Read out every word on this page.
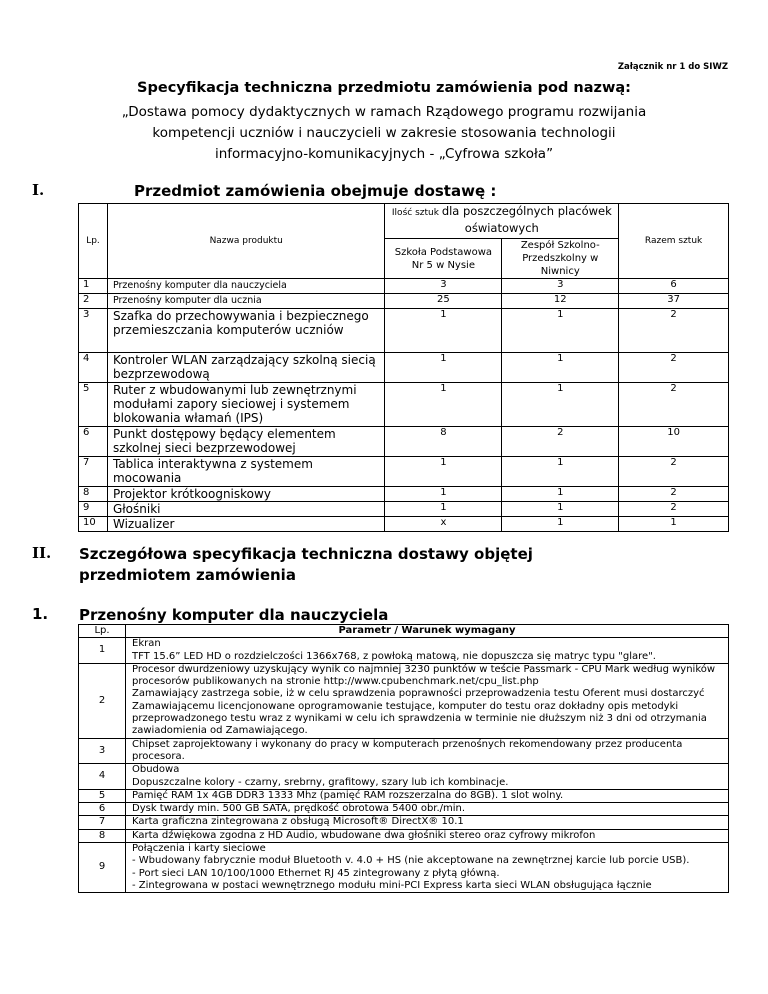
Załącznik nr 1 do SIWZ
Specyfikacja techniczna przedmiotu zamówienia pod nazwą:
„Dostawa pomocy dydaktycznych w ramach Rządowego programu rozwijania kompetencji uczniów i nauczycieli w zakresie stosowania technologii informacyjno-komunikacyjnych - „Cyfrowa szkoła”
I.	Przedmiot zamówienia obejmuje dostawę :
Lp.	Nazwa produktu	Ilość sztuk dla poszczególnych placówek oświatowych		Razem sztuk
		Szkoła Podstawowa Nr 5 w Nysie	Zespół Szkolno-Przedszkolny w Niwnicy	
1	Przenośny komputer dla nauczyciela	3	3	6
2	Przenośny komputer dla ucznia	25	12	37
3	Szafka do przechowywania i bezpiecznego przemieszczania komputerów uczniów	1	1	2
4	Kontroler WLAN zarządzający szkolną siecią bezprzewodową	1	1	2
5	Ruter z wbudowanymi lub zewnętrznymi modułami zapory sieciowej i systemem blokowania włamań (IPS)	1	1	2
6	Punkt dostępowy będący elementem szkolnej sieci bezprzewodowej	8	2	10
7	Tablica interaktywna z systemem mocowania	1	1	2
8	Projektor krótkoogniskowy	1	1	2
9	Głośniki	1	1	2
10	Wizualizer	x	1	1
II. Szczegółowa specyfikacja techniczna dostawy objętej przedmiotem zamówienia
1. Przenośny komputer dla nauczyciela
Lp.	Parametr / Warunek wymagany
1	Ekran
TFT 15.6” LED HD o rozdzielczości 1366x768, z powłoką matową, nie dopuszcza się matryc typu "glare".

2	Procesor dwurdzeniowy uzyskujący wynik co najmniej 3230 punktów w teście Passmark - CPU Mark według wyników procesorów publikowanych na stronie http://www.cpubenchmark.net/cpu_list.php
Zamawiający zastrzega sobie, iż w celu sprawdzenia poprawności przeprowadzenia testu Oferent musi dostarczyć Zamawiającemu licencjonowane oprogramowanie testujące, komputer do testu oraz dokładny opis metodyki przeprowadzonego testu wraz z wynikami w celu ich sprawdzenia w terminie nie dłuższym niż 3 dni od otrzymania zawiadomienia od Zamawiającego.

3	Chipset zaprojektowany i wykonany do pracy w komputerach przenośnych rekomendowany przez producenta procesora.

4	Obudowa
Dopuszczalne kolory - czarny, srebrny, grafitowy, szary lub ich kombinacje.

5	Pamięć RAM 1x 4GB DDR3 1333 Mhz (pamięć RAM rozszerzalna do 8GB). 1 slot wolny.

6	Dysk twardy min. 500 GB SATA, prędkość obrotowa 5400 obr./min.

7	Karta graficzna zintegrowana z obsługą Microsoft® DirectX® 10.1

8	Karta dźwiękowa zgodna z HD Audio, wbudowane dwa głośniki stereo oraz cyfrowy mikrofon

9	Połączenia i karty sieciowe
- Wbudowany fabrycznie moduł Bluetooth v. 4.0 + HS (nie akceptowane na zewnętrznej karcie lub porcie USB).
- Port sieci LAN 10/100/1000 Ethernet RJ 45 zintegrowany z płytą główną.
- Zintegrowana w postaci wewnętrznego modułu mini-PCI Express karta sieci WLAN obsługująca łącznie
